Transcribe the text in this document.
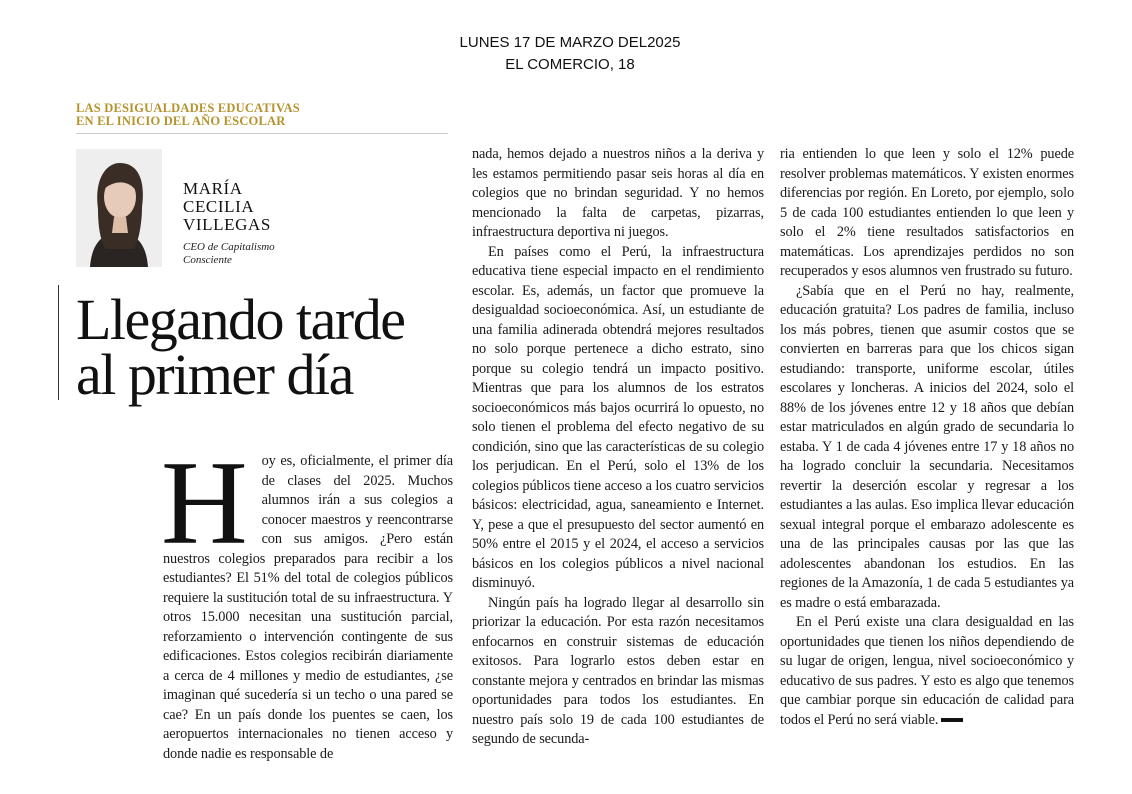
LUNES 17 DE MARZO DEL2025
EL COMERCIO, 18
LAS DESIGUALDADES EDUCATIVAS
EN EL INICIO DEL AÑO ESCOLAR
MARÍA
CECILIA
VILLEGAS
CEO de Capitalismo
Consciente
Llegando tarde
al primer día

Hoy es, oficialmente, el primer día de clases del 2025. Muchos alumnos irán a sus colegios a conocer maestros y reencontrarse con sus amigos. ¿Pero están nuestros colegios preparados para recibir a los estudiantes? El 51% del total de colegios públicos requiere la sustitución total de su infraestructura. Y otros 15.000 necesitan una sustitución parcial, reforzamiento o intervención contingente de sus edificaciones. Estos colegios recibirán diariamente a cerca de 4 millones y medio de estudiantes, ¿se imaginan qué sucedería si un techo o una pared se cae? En un país donde los puentes se caen, los aeropuertos internacionales no tienen acceso y donde nadie es responsable de

nada, hemos dejado a nuestros niños a la deriva y les estamos permitiendo pasar seis horas al día en colegios que no brindan seguridad. Y no hemos mencionado la falta de carpetas, pizarras, infraestructura deportiva ni juegos.

En países como el Perú, la infraestructura educativa tiene especial impacto en el rendimiento escolar. Es, además, un factor que promueve la desigualdad socioeconómica. Así, un estudiante de una familia adinerada obtendrá mejores resultados no solo porque pertenece a dicho estrato, sino porque su colegio tendrá un impacto positivo. Mientras que para los alumnos de los estratos socioeconómicos más bajos ocurrirá lo opuesto, no solo tienen el problema del efecto negativo de su condición, sino que las características de su colegio los perjudican. En el Perú, solo el 13% de los colegios públicos tiene acceso a los cuatro servicios básicos: electricidad, agua, saneamiento e Internet. Y, pese a que el presupuesto del sector aumentó en 50% entre el 2015 y el 2024, el acceso a servicios básicos en los colegios públicos a nivel nacional disminuyó.

Ningún país ha logrado llegar al desarrollo sin priorizar la educación. Por esta razón necesitamos enfocarnos en construir sistemas de educación exitosos. Para lograrlo estos deben estar en constante mejora y centrados en brindar las mismas oportunidades para todos los estudiantes. En nuestro país solo 19 de cada 100 estudiantes de segundo de secunda-

ria entienden lo que leen y solo el 12% puede resolver problemas matemáticos. Y existen enormes diferencias por región. En Loreto, por ejemplo, solo 5 de cada 100 estudiantes entienden lo que leen y solo el 2% tiene resultados satisfactorios en matemáticas. Los aprendizajes perdidos no son recuperados y esos alumnos ven frustrado su futuro.

¿Sabía que en el Perú no hay, realmente, educación gratuita? Los padres de familia, incluso los más pobres, tienen que asumir costos que se convierten en barreras para que los chicos sigan estudiando: transporte, uniforme escolar, útiles escolares y loncheras. A inicios del 2024, solo el 88% de los jóvenes entre 12 y 18 años que debían estar matriculados en algún grado de secundaria lo estaba. Y 1 de cada 4 jóvenes entre 17 y 18 años no ha logrado concluir la secundaria. Necesitamos revertir la deserción escolar y regresar a los estudiantes a las aulas. Eso implica llevar educación sexual integral porque el embarazo adolescente es una de las principales causas por las que las adolescentes abandonan los estudios. En las regiones de la Amazonía, 1 de cada 5 estudiantes ya es madre o está embarazada.

En el Perú existe una clara desigualdad en las oportunidades que tienen los niños dependiendo de su lugar de origen, lengua, nivel socioeconómico y educativo de sus padres. Y esto es algo que tenemos que cambiar porque sin educación de calidad para todos el Perú no será viable.
